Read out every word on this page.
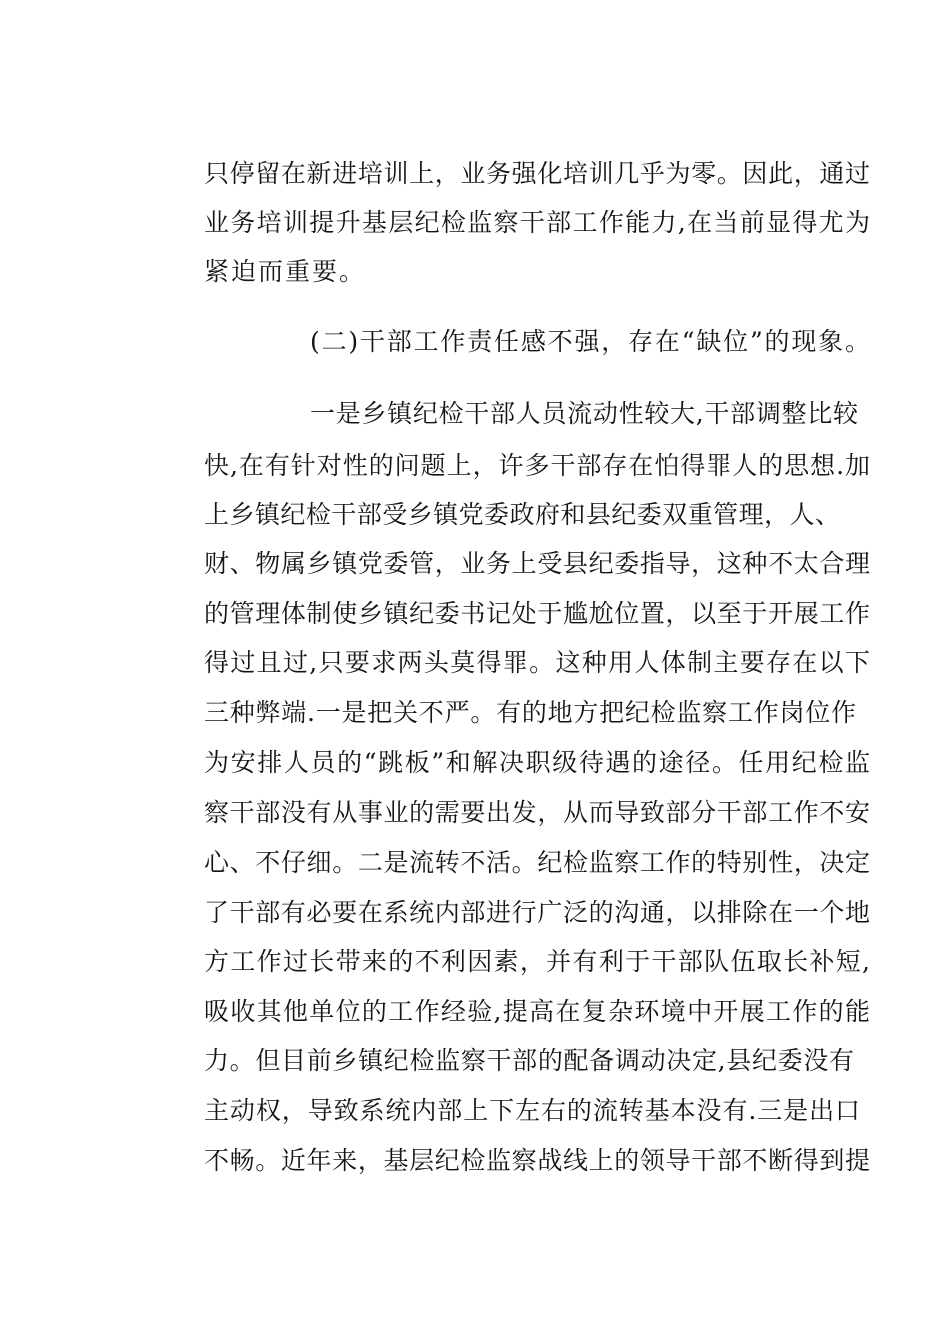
只停留在新进培训上，业务强化培训几乎为零。因此，通过
业务培训提升基层纪检监察干部工作能力,在当前显得尤为
紧迫而重要。
(二)干部工作责任感不强，存在“缺位”的现象。
一是乡镇纪检干部人员流动性较大,干部调整比较
快,在有针对性的问题上，许多干部存在怕得罪人的思想.加
上乡镇纪检干部受乡镇党委政府和县纪委双重管理，人、
财、物属乡镇党委管，业务上受县纪委指导，这种不太合理
的管理体制使乡镇纪委书记处于尴尬位置，以至于开展工作
得过且过,只要求两头莫得罪。这种用人体制主要存在以下
三种弊端.一是把关不严。有的地方把纪检监察工作岗位作
为安排人员的“跳板”和解决职级待遇的途径。任用纪检监
察干部没有从事业的需要出发，从而导致部分干部工作不安
心、不仔细。二是流转不活。纪检监察工作的特别性，决定
了干部有必要在系统内部进行广泛的沟通，以排除在一个地
方工作过长带来的不利因素，并有利于干部队伍取长补短,
吸收其他单位的工作经验,提高在复杂环境中开展工作的能
力。但目前乡镇纪检监察干部的配备调动决定,县纪委没有
主动权，导致系统内部上下左右的流转基本没有.三是出口
不畅。近年来，基层纪检监察战线上的领导干部不断得到提
